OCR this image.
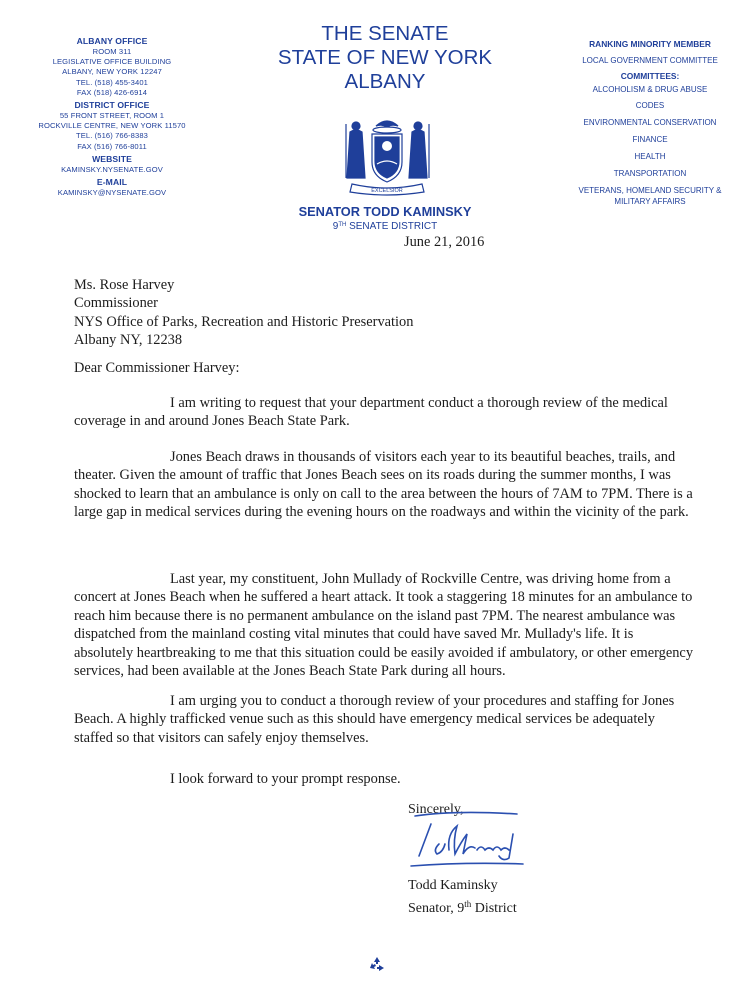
ALBANY OFFICE
ROOM 311
LEGISLATIVE OFFICE BUILDING
ALBANY, NEW YORK 12247
TEL. (518) 455-3401
FAX (518) 426-6914
DISTRICT OFFICE
55 FRONT STREET, ROOM 1
ROCKVILLE CENTRE, NEW YORK 11570
TEL. (516) 766-8383
FAX (516) 766-8011
WEBSITE
KAMINSKY.NYSENATE.GOV
E-MAIL
KAMINSKY@NYSENATE.GOV
THE SENATE
STATE OF NEW YORK
ALBANY
EXCELSIOR
SENATOR TODD KAMINSKY
9TH SENATE DISTRICT
RANKING MINORITY MEMBER
LOCAL GOVERNMENT COMMITTEE
COMMITTEES:
ALCOHOLISM & DRUG ABUSE
CODES
ENVIRONMENTAL CONSERVATION
FINANCE
HEALTH
TRANSPORTATION
VETERANS, HOMELAND SECURITY &
MILITARY AFFAIRS
June 21, 2016
Ms. Rose Harvey
Commissioner
NYS Office of Parks, Recreation and Historic Preservation
Albany NY, 12238
Dear Commissioner Harvey:

I am writing to request that your department conduct a thorough review of the medical coverage in and around Jones Beach State Park.

Jones Beach draws in thousands of visitors each year to its beautiful beaches, trails, and theater. Given the amount of traffic that Jones Beach sees on its roads during the summer months, I was shocked to learn that an ambulance is only on call to the area between the hours of 7AM to 7PM. There is a large gap in medical services during the evening hours on the roadways and within the vicinity of the park.

Last year, my constituent, John Mullady of Rockville Centre, was driving home from a concert at Jones Beach when he suffered a heart attack. It took a staggering 18 minutes for an ambulance to reach him because there is no permanent ambulance on the island past 7PM. The nearest ambulance was dispatched from the mainland costing vital minutes that could have saved Mr. Mullady's life. It is absolutely heartbreaking to me that this situation could be easily avoided if ambulatory, or other emergency services, had been available at the Jones Beach State Park during all hours.

I am urging you to conduct a thorough review of your procedures and staffing for Jones Beach. A highly trafficked venue such as this should have emergency medical services be adequately staffed so that visitors can safely enjoy themselves.

I look forward to your prompt response.

Sincerely,
Todd Kaminsky
Senator, 9th District
